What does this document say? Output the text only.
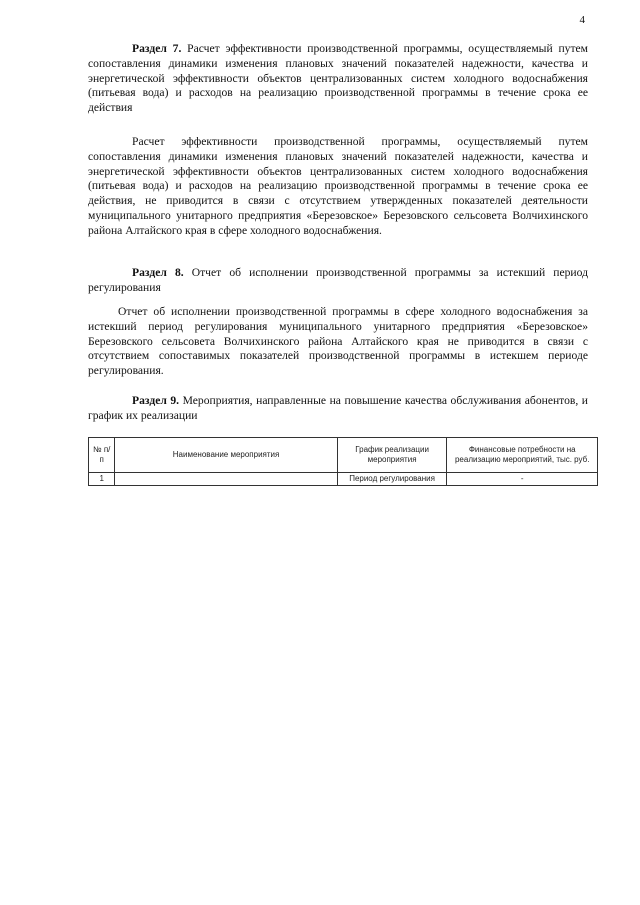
4
Раздел 7. Расчет эффективности производственной программы, осуществляемый путем сопоставления динамики изменения плановых значений показателей надежности, качества и энергетической эффективности объектов централизованных систем холодного водоснабжения (питьевая вода) и расходов на реализацию производственной программы в течение срока ее действия
Расчет эффективности производственной программы, осуществляемый путем сопоставления динамики изменения плановых значений показателей надежности, качества и энергетической эффективности объектов централизованных систем холодного водоснабжения (питьевая вода) и расходов на реализацию производственной программы в течение срока ее действия, не приводится в связи с отсутствием утвержденных показателей деятельности муниципального унитарного предприятия «Березовское» Березовского сельсовета Волчихинского района Алтайского края в сфере холодного водоснабжения.
Раздел 8. Отчет об исполнении производственной программы за истекший период регулирования
Отчет об исполнении производственной программы в сфере холодного водоснабжения за истекший период регулирования муниципального унитарного предприятия «Березовское» Березовского сельсовета Волчихинского района Алтайского края не приводится в связи с отсутствием сопоставимых показателей производственной программы в истекшем периоде регулирования.
Раздел 9. Мероприятия, направленные на повышение качества обслуживания абонентов, и график их реализации
№ п/п	Наименование мероприятия	График реализации мероприятия	Финансовые потребности на реализацию мероприятий, тыс. руб.
1		Период регулирования	-
